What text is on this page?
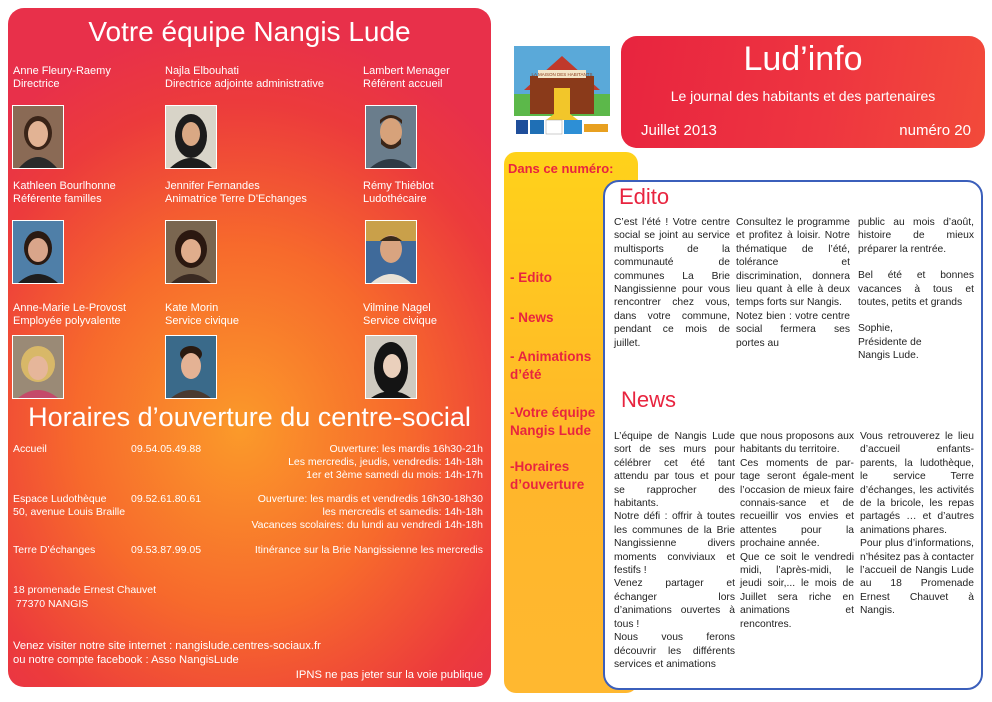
Votre équipe Nangis Lude
Anne Fleury-Raemy
Directrice
Najla Elbouhati
Directrice adjointe administrative
Lambert Menager
Référent accueil
Kathleen Bourlhonne
Référente familles
Jennifer Fernandes
Animatrice Terre D'Echanges
Rémy Thiéblot
Ludothécaire
Anne-Marie Le-Provost
Employée polyvalente
Kate Morin
Service civique
Vilmine Nagel
Service civique
Horaires d’ouverture du centre-social
Accueil	09.54.05.49.88	Ouverture: les mardis 16h30-21h
Les mercredis, jeudis, vendredis: 14h-18h
1er et 3ème samedi du mois: 14h-17h
Espace Ludothèque
50, avenue Louis Braille
09.52.61.80.61	Ouverture: les mardis et vendredis 16h30-18h30
les mercredis et samedis: 14h-18h
Vacances scolaires: du lundi au vendredi 14h-18h
Terre D’échanges	09.53.87.99.05	Itinérance sur la Brie Nangissienne les mercredis
18 promenade Ernest Chauvet
77370 NANGIS
Venez visiter notre site internet : nangislude.centres-sociaux.fr
ou notre compte facebook : Asso NangisLude
IPNS ne pas jeter sur la voie publique
LA MAISON DES HABITANTS	Lud’info
Le journal des habitants et des partenaires
Juillet 2013	numéro 20
Dans ce numéro:
- Edito
- News
- Animations d’été
-Votre équipe Nangis Lude
-Horaires d’ouverture
Edito

C’est l’été ! Votre centre social se joint au service multisports de la communauté de communes La Brie Nangissienne pour vous rencontrer chez vous, dans votre commune, pendant ce mois de juillet.

Consultez le programme et profitez à loisir. Notre thématique de l’été, tolérance et discrimination, donnera lieu quant à elle à deux temps forts sur Nangis.

Notez bien : votre centre social fermera ses portes au

public au mois d’août, histoire de mieux préparer la rentrée.

Bel été et bonnes vacances à tous et toutes, petits et grands

Sophie,

Présidente de

Nangis Lude.

News

L’équipe de Nangis Lude sort de ses murs pour célébrer cet été tant attendu par tous et pour se rapprocher des habitants.

Notre défi : offrir à toutes les communes de la Brie Nangissienne divers moments conviviaux et festifs !

Venez partager et échanger lors d’animations ouvertes à tous !

Nous vous ferons découvrir les différents services et animations

que nous proposons aux habitants du territoire.

Ces moments de par-tage seront égale-ment l’occasion de mieux faire connais-sance et de recueillir vos envies et attentes pour la prochaine année.

Que ce soit le vendredi midi, l’après-midi, le jeudi soir,... le mois de Juillet sera riche en animations et rencontres.

Vous retrouverez le lieu d’accueil enfants-parents, la ludothèque, le service Terre d’échanges, les activités de la bricole, les repas partagés … et d’autres animations phares.

Pour plus d’informations, n’hésitez pas à contacter l’accueil de Nangis Lude au 18 Promenade Ernest Chauvet à Nangis.
